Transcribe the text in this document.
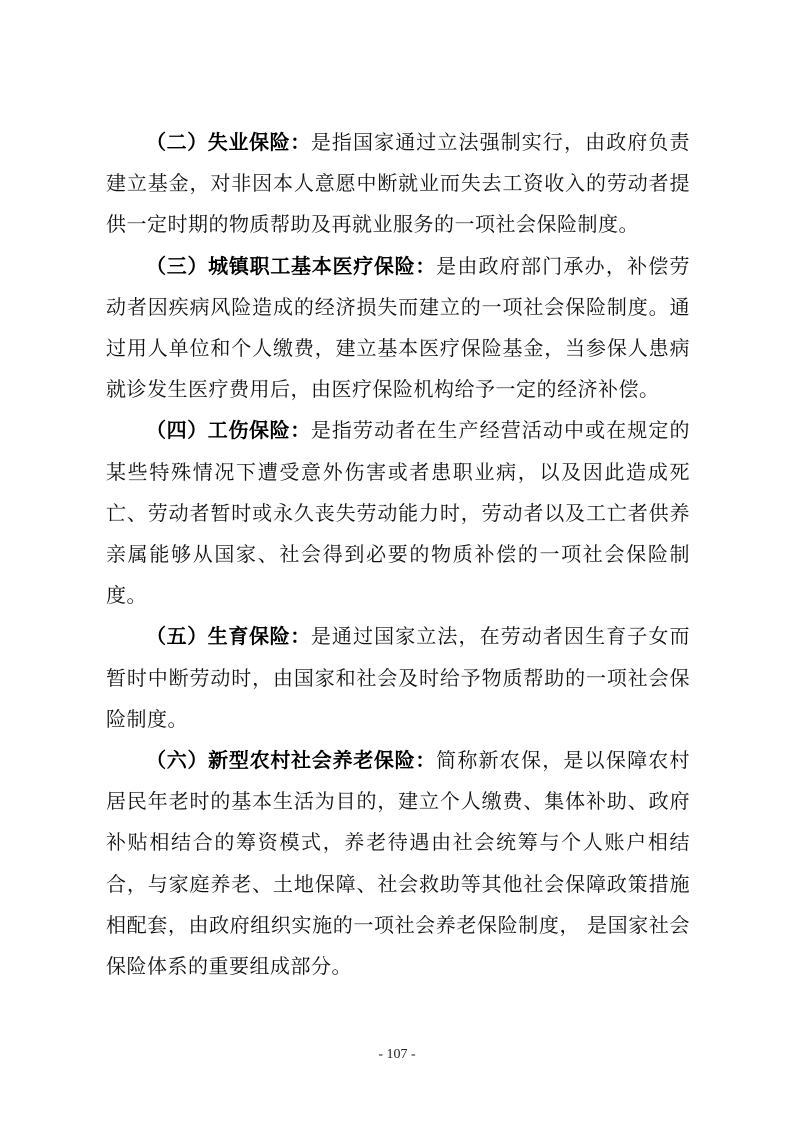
（二）失业保险：是指国家通过立法强制实行，由政府负责建立基金，对非因本人意愿中断就业而失去工资收入的劳动者提供一定时期的物质帮助及再就业服务的一项社会保险制度。

（三）城镇职工基本医疗保险：是由政府部门承办，补偿劳动者因疾病风险造成的经济损失而建立的一项社会保险制度。通过用人单位和个人缴费，建立基本医疗保险基金，当参保人患病就诊发生医疗费用后，由医疗保险机构给予一定的经济补偿。

（四）工伤保险：是指劳动者在生产经营活动中或在规定的某些特殊情况下遭受意外伤害或者患职业病，以及因此造成死亡、劳动者暂时或永久丧失劳动能力时，劳动者以及工亡者供养亲属能够从国家、社会得到必要的物质补偿的一项社会保险制度。

（五）生育保险：是通过国家立法，在劳动者因生育子女而暂时中断劳动时，由国家和社会及时给予物质帮助的一项社会保险制度。

（六）新型农村社会养老保险：简称新农保，是以保障农村居民年老时的基本生活为目的，建立个人缴费、集体补助、政府补贴相结合的筹资模式，养老待遇由社会统筹与个人账户相结合，与家庭养老、土地保障、社会救助等其他社会保障政策措施相配套，由政府组织实施的一项社会养老保险制度， 是国家社会保险体系的重要组成部分。

- 107 -
